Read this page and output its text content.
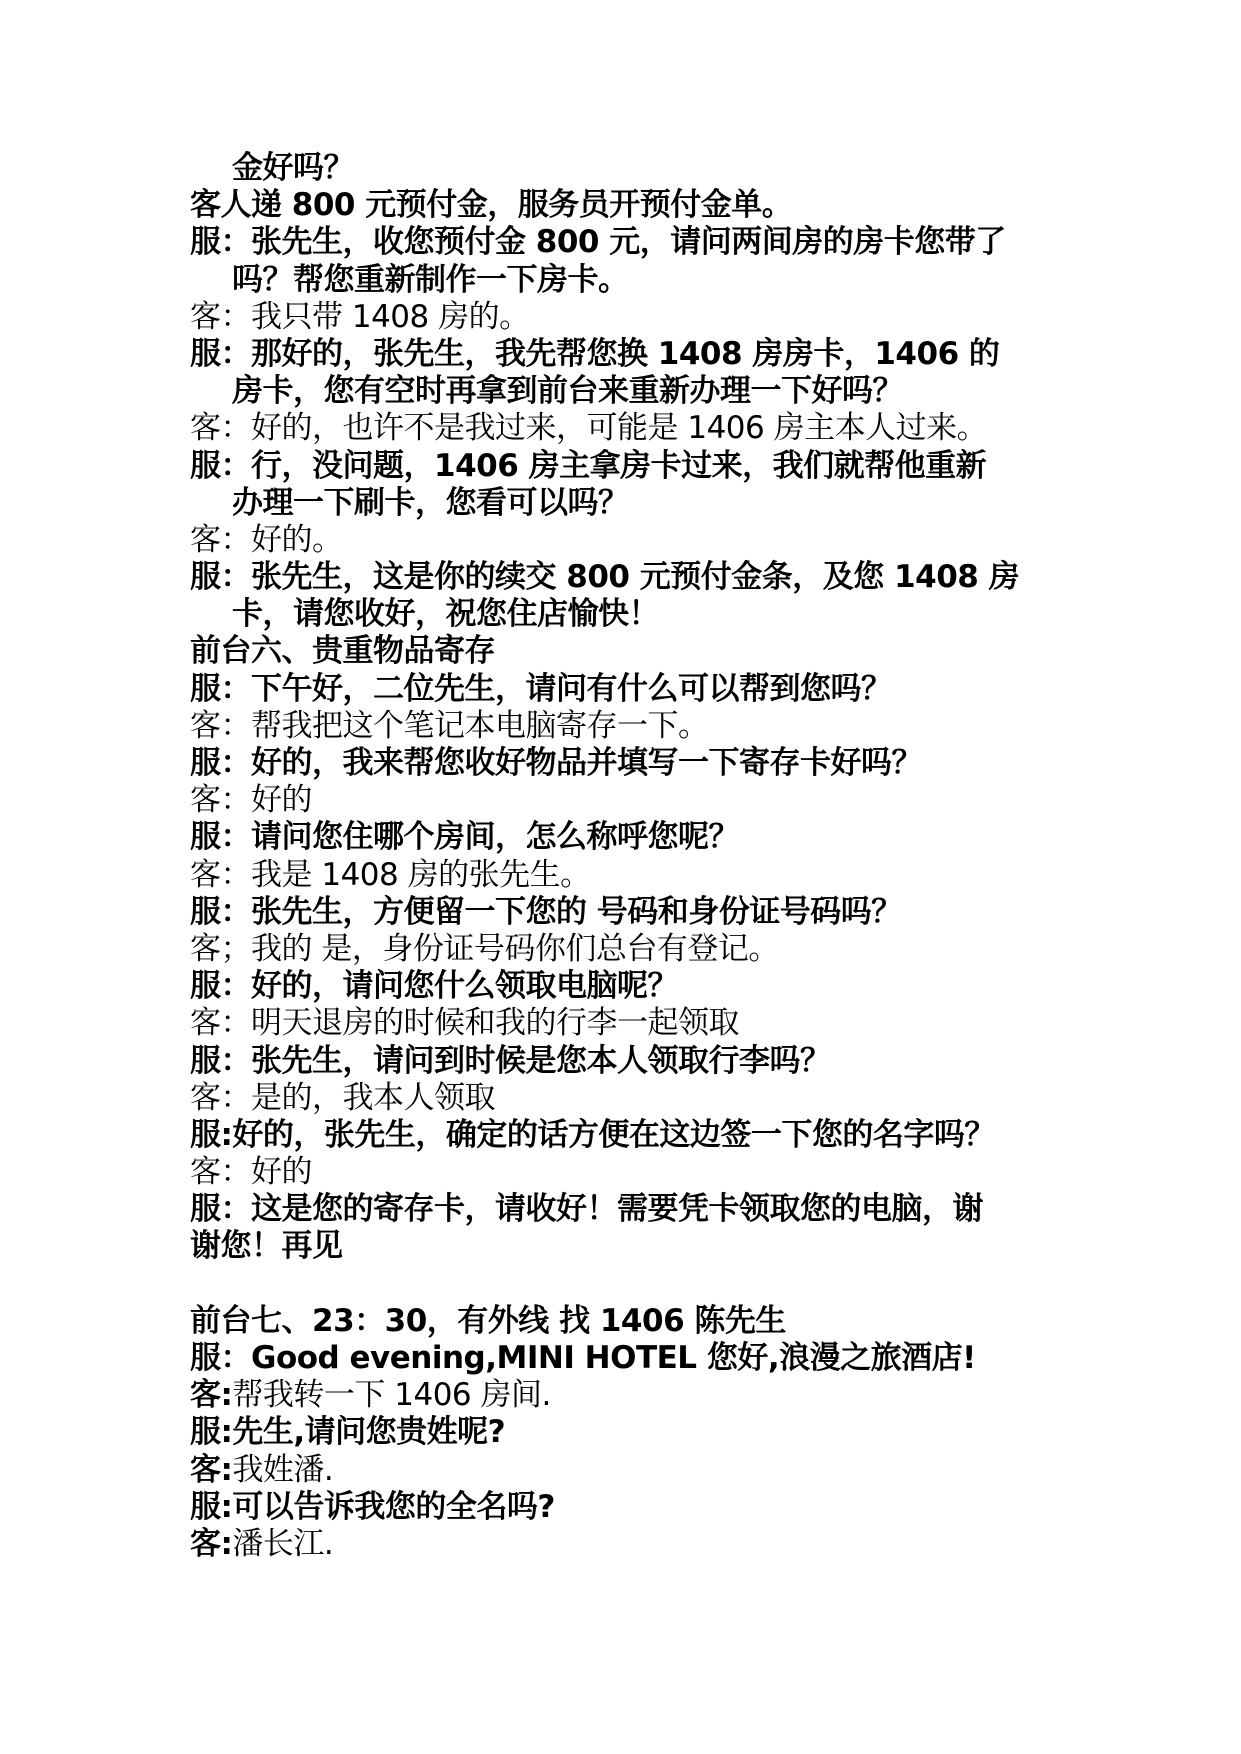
金好吗？

客人递 800 元预付金，服务员开预付金单。

服：张先生，收您预付金 800 元，请问两间房的房卡您带了

吗？帮您重新制作一下房卡。

客：我只带 1408 房的。

服：那好的，张先生，我先帮您换 1408 房房卡，1406 的

房卡，您有空时再拿到前台来重新办理一下好吗？

客：好的，也许不是我过来，可能是 1406 房主本人过来。

服：行，没问题，1406 房主拿房卡过来，我们就帮他重新

办理一下刷卡，您看可以吗？

客：好的。

服：张先生，这是你的续交 800 元预付金条，及您 1408 房

卡，请您收好，祝您住店愉快！

前台六、贵重物品寄存

服：下午好，二位先生，请问有什么可以帮到您吗？

客：帮我把这个笔记本电脑寄存一下。

服：好的，我来帮您收好物品并填写一下寄存卡好吗？

客：好的

服：请问您住哪个房间，怎么称呼您呢？

客：我是 1408 房的张先生。

服：张先生，方便留一下您的 号码和身份证号码吗？

客；我的 是，身份证号码你们总台有登记。

服：好的，请问您什么领取电脑呢？

客：明天退房的时候和我的行李一起领取

服：张先生，请问到时候是您本人领取行李吗？

客：是的，我本人领取

服:好的，张先生，确定的话方便在这边签一下您的名字吗？

客：好的

服：这是您的寄存卡，请收好！需要凭卡领取您的电脑，谢

谢您！再见

前台七、23：30，有外线 找 1406 陈先生

服：Good evening,MINI HOTEL 您好,浪漫之旅酒店!

客:帮我转一下 1406 房间.

服:先生,请问您贵姓呢?

客:我姓潘.

服:可以告诉我您的全名吗?

客:潘长江.
